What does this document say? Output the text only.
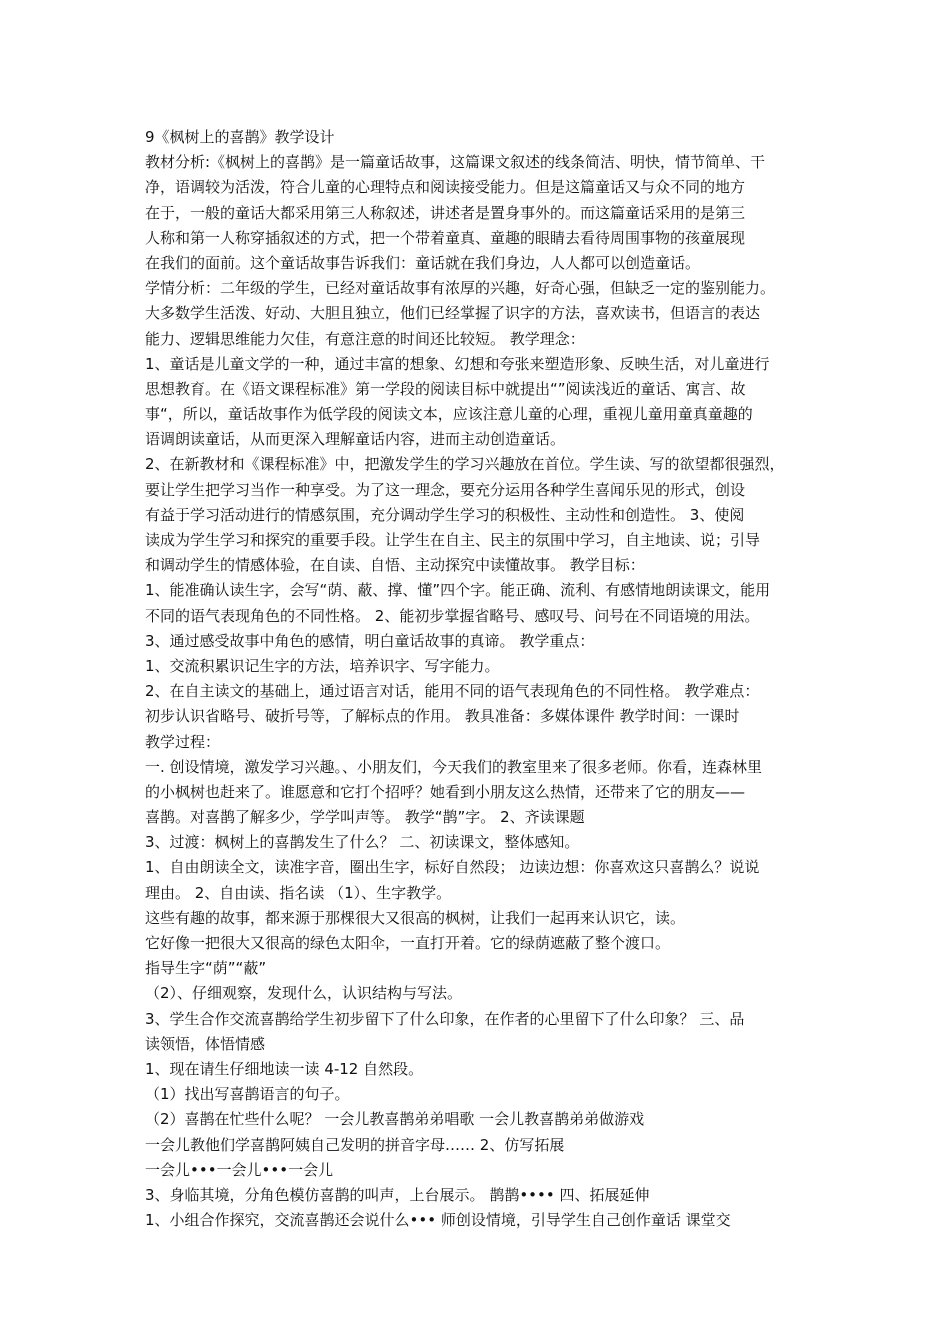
9《枫树上的喜鹊》教学设计
教材分析:《枫树上的喜鹊》是一篇童话故事，这篇课文叙述的线条简洁、明快，情节简单、干
净，语调较为活泼，符合儿童的心理特点和阅读接受能力。但是这篇童话又与众不同的地方
在于，一般的童话大都采用第三人称叙述，讲述者是置身事外的。而这篇童话采用的是第三
人称和第一人称穿插叙述的方式，把一个带着童真、童趣的眼睛去看待周围事物的孩童展现
在我们的面前。这个童话故事告诉我们：童话就在我们身边，人人都可以创造童话。
学情分析：二年级的学生，已经对童话故事有浓厚的兴趣，好奇心强，但缺乏一定的鉴别能力。
大多数学生活泼、好动、大胆且独立，他们已经掌握了识字的方法，喜欢读书，但语言的表达
能力、逻辑思维能力欠佳，有意注意的时间还比较短。 教学理念：
1、童话是儿童文学的一种，通过丰富的想象、幻想和夸张来塑造形象、反映生活，对儿童进行
思想教育。在《语文课程标准》第一学段的阅读目标中就提出“”阅读浅近的童话、寓言、故
事“，所以，童话故事作为低学段的阅读文本，应该注意儿童的心理，重视儿童用童真童趣的
语调朗读童话，从而更深入理解童话内容，进而主动创造童话。
2、在新教材和《课程标准》中，把激发学生的学习兴趣放在首位。学生读、写的欲望都很强烈，
要让学生把学习当作一种享受。为了这一理念，要充分运用各种学生喜闻乐见的形式，创设
有益于学习活动进行的情感氛围，充分调动学生学习的积极性、主动性和创造性。 3、使阅
读成为学生学习和探究的重要手段。让学生在自主、民主的氛围中学习，自主地读、说；引导
和调动学生的情感体验，在自读、自悟、主动探究中读懂故事。 教学目标：
1、能准确认读生字，会写“荫、蔽、撑、懂”四个字。能正确、流利、有感情地朗读课文，能用
不同的语气表现角色的不同性格。 2、能初步掌握省略号、感叹号、问号在不同语境的用法。
3、通过感受故事中角色的感情，明白童话故事的真谛。 教学重点：
1、交流积累识记生字的方法，培养识字、写字能力。
2、在自主读文的基础上，通过语言对话，能用不同的语气表现角色的不同性格。 教学难点：
初步认识省略号、破折号等，了解标点的作用。 教具准备：多媒体课件 教学时间：一课时
教学过程：
一. 创设情境，激发学习兴趣。、小朋友们，今天我们的教室里来了很多老师。你看，连森林里
的小枫树也赶来了。谁愿意和它打个招呼？她看到小朋友这么热情，还带来了它的朋友——
喜鹊。对喜鹊了解多少，学学叫声等。 教学“鹊”字。 2、齐读课题
3、过渡：枫树上的喜鹊发生了什么？ 二、初读课文，整体感知。
1、自由朗读全文，读准字音，圈出生字，标好自然段； 边读边想：你喜欢这只喜鹊么？说说
理由。 2、自由读、指名读 （1）、生字教学。
这些有趣的故事，都来源于那棵很大又很高的枫树，让我们一起再来认识它，读。
它好像一把很大又很高的绿色太阳伞，一直打开着。它的绿荫遮蔽了整个渡口。
指导生字“荫”“蔽”
（2）、仔细观察，发现什么，认识结构与写法。
3、学生合作交流喜鹊给学生初步留下了什么印象，在作者的心里留下了什么印象？ 三、品
读领悟，体悟情感
1、现在请生仔细地读一读 4-12 自然段。
（1）找出写喜鹊语言的句子。
（2）喜鹊在忙些什么呢？ 一会儿教喜鹊弟弟唱歌 一会儿教喜鹊弟弟做游戏
一会儿教他们学喜鹊阿姨自己发明的拼音字母…… 2、仿写拓展
一会儿•••一会儿•••一会儿
3、身临其境，分角色模仿喜鹊的叫声，上台展示。 鹊鹊•••• 四、拓展延伸
1、小组合作探究，交流喜鹊还会说什么••• 师创设情境，引导学生自己创作童话 课堂交
